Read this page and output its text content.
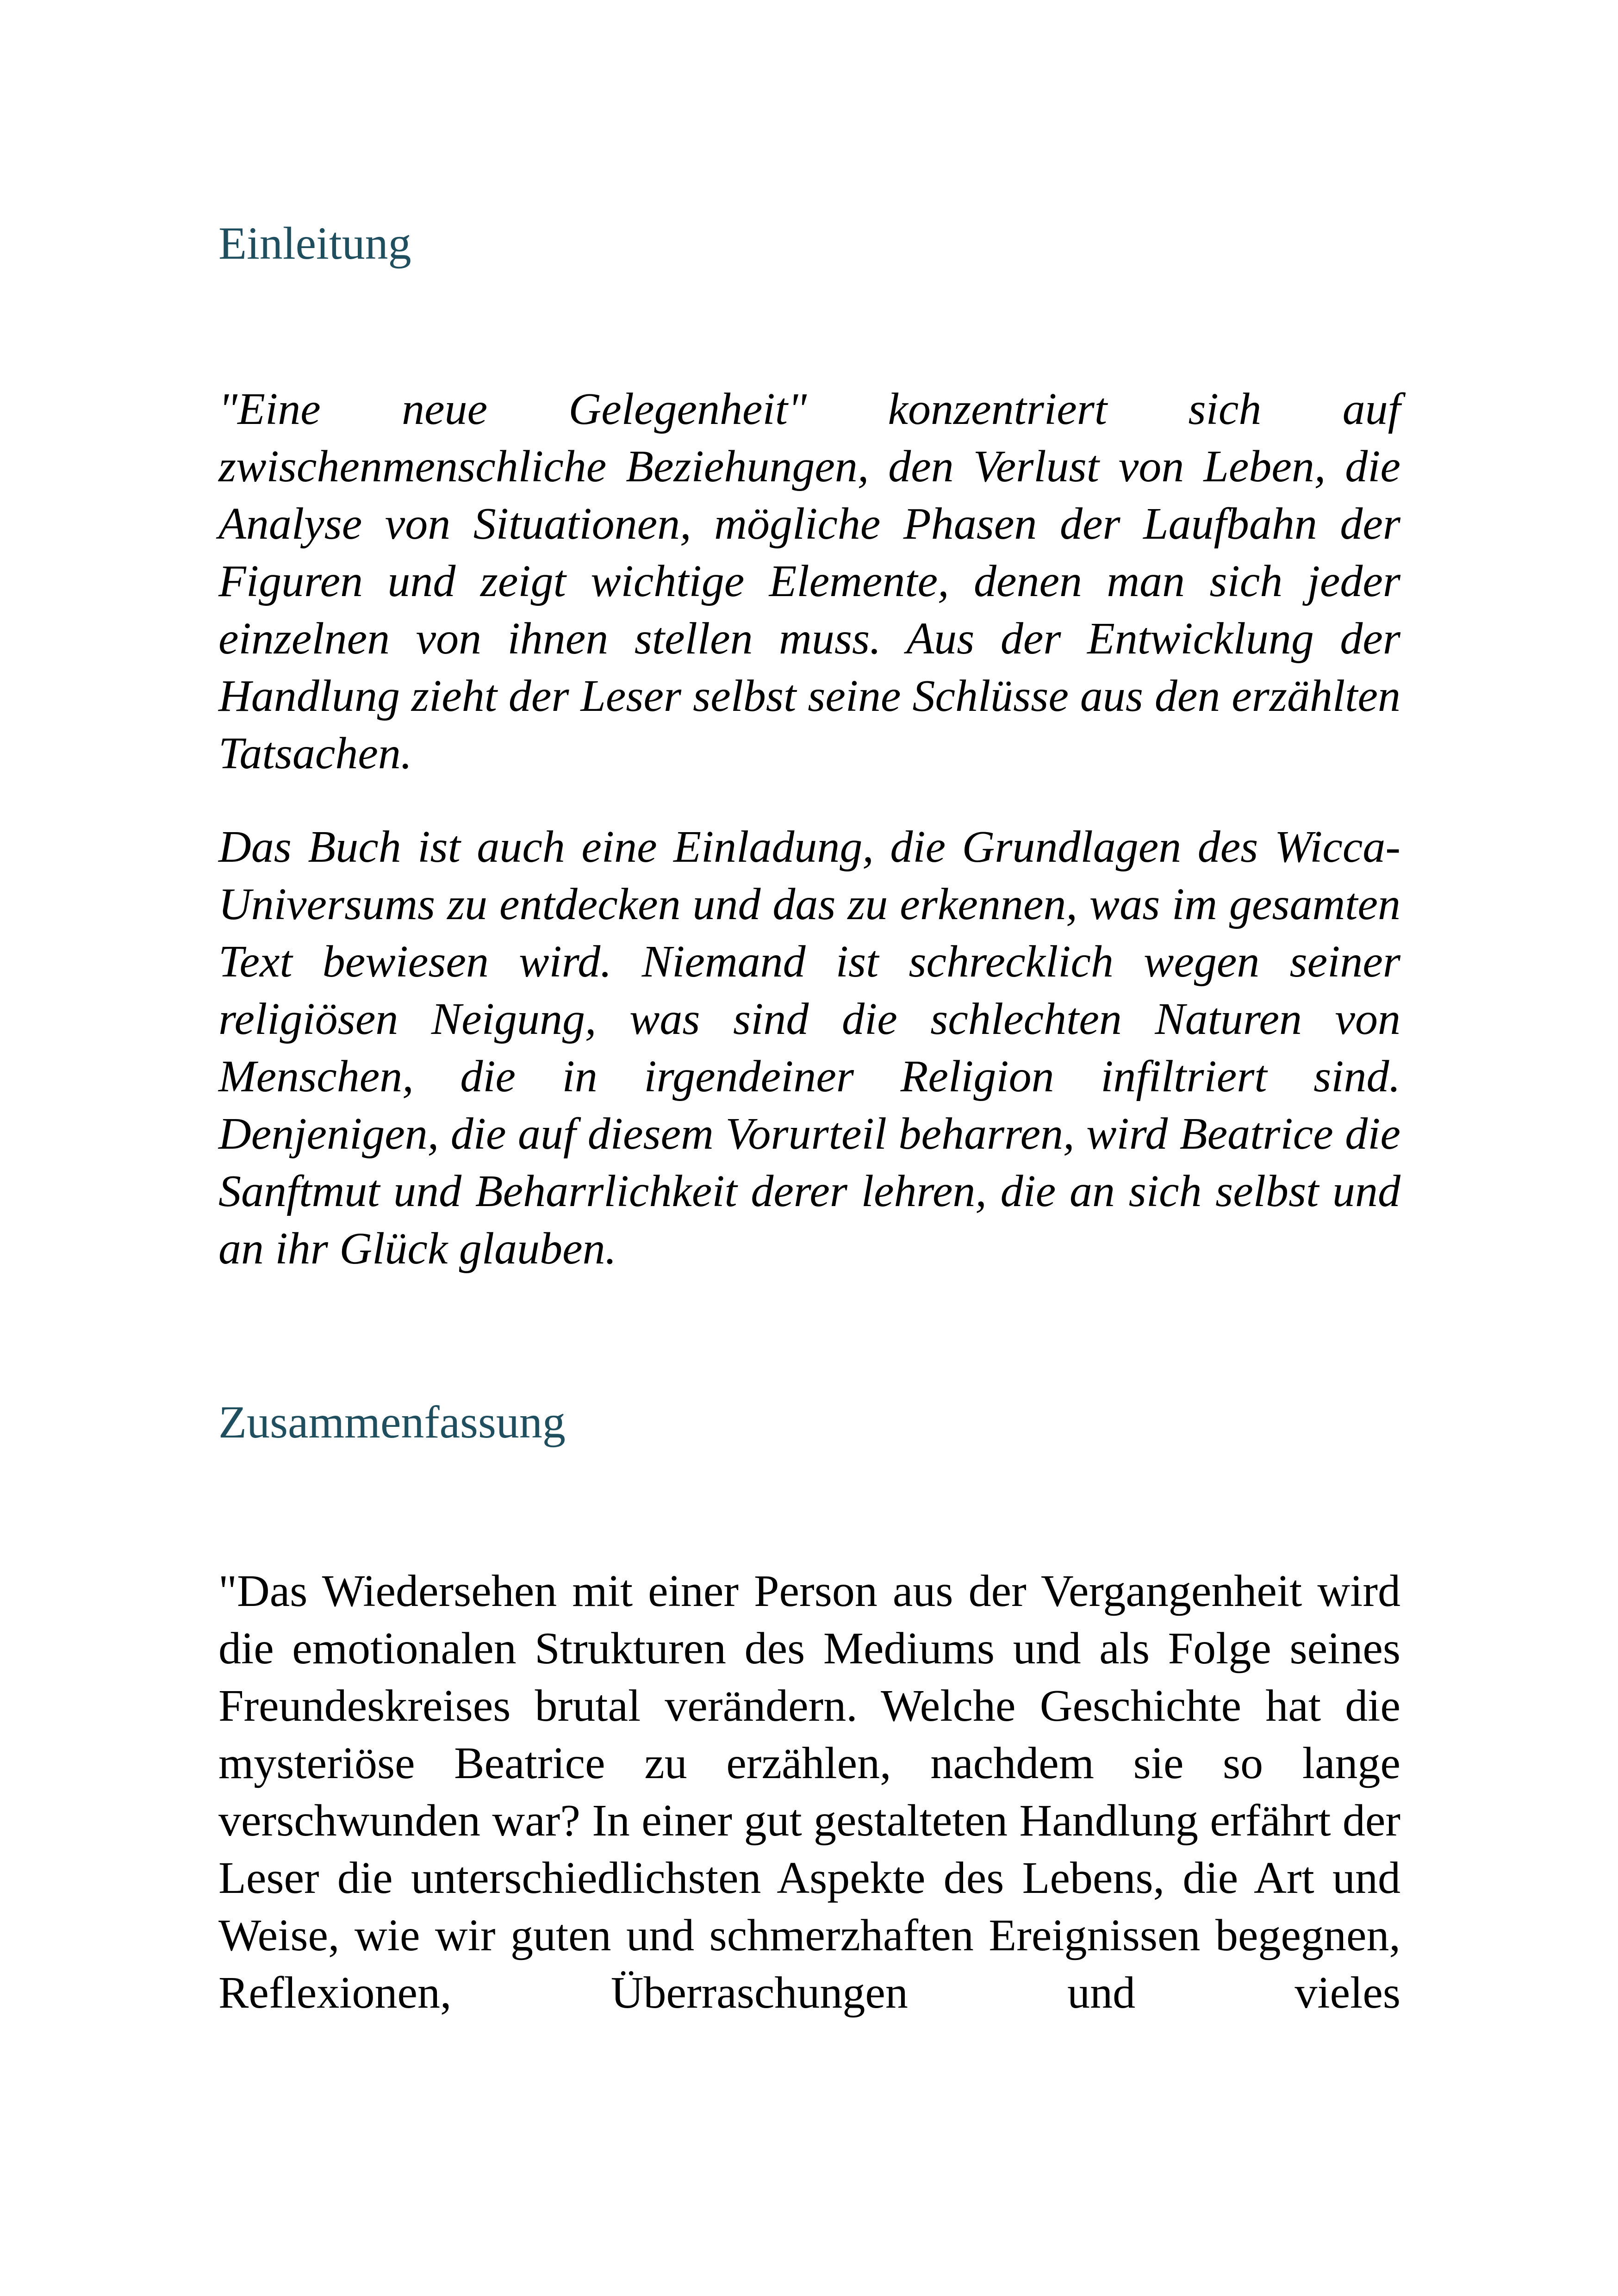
Einleitung

"Eine neue Gelegenheit" konzentriert sich auf zwischenmenschliche Beziehungen, den Verlust von Leben, die Analyse von Situationen, mögliche Phasen der Laufbahn der Figuren und zeigt wichtige Elemente, denen man sich jeder einzelnen von ihnen stellen muss. Aus der Entwicklung der Handlung zieht der Leser selbst seine Schlüsse aus den erzählten Tatsachen.

Das Buch ist auch eine Einladung, die Grundlagen des Wicca-Universums zu entdecken und das zu erkennen, was im gesamten Text bewiesen wird. Niemand ist schrecklich wegen seiner religiösen Neigung, was sind die schlechten Naturen von Menschen, die in irgendeiner Religion infiltriert sind. Denjenigen, die auf diesem Vorurteil beharren, wird Beatrice die Sanftmut und Beharrlichkeit derer lehren, die an sich selbst und an ihr Glück glauben.

Zusammenfassung

"Das Wiedersehen mit einer Person aus der Vergangenheit wird die emotionalen Strukturen des Mediums und als Folge seines Freundeskreises brutal verändern. Welche Geschichte hat die mysteriöse Beatrice zu erzählen, nachdem sie so lange verschwunden war? In einer gut gestalteten Handlung erfährt der Leser die unterschiedlichsten Aspekte des Lebens, die Art und Weise, wie wir guten und schmerzhaften Ereignissen begegnen, Reflexionen, Überraschungen und vieles
